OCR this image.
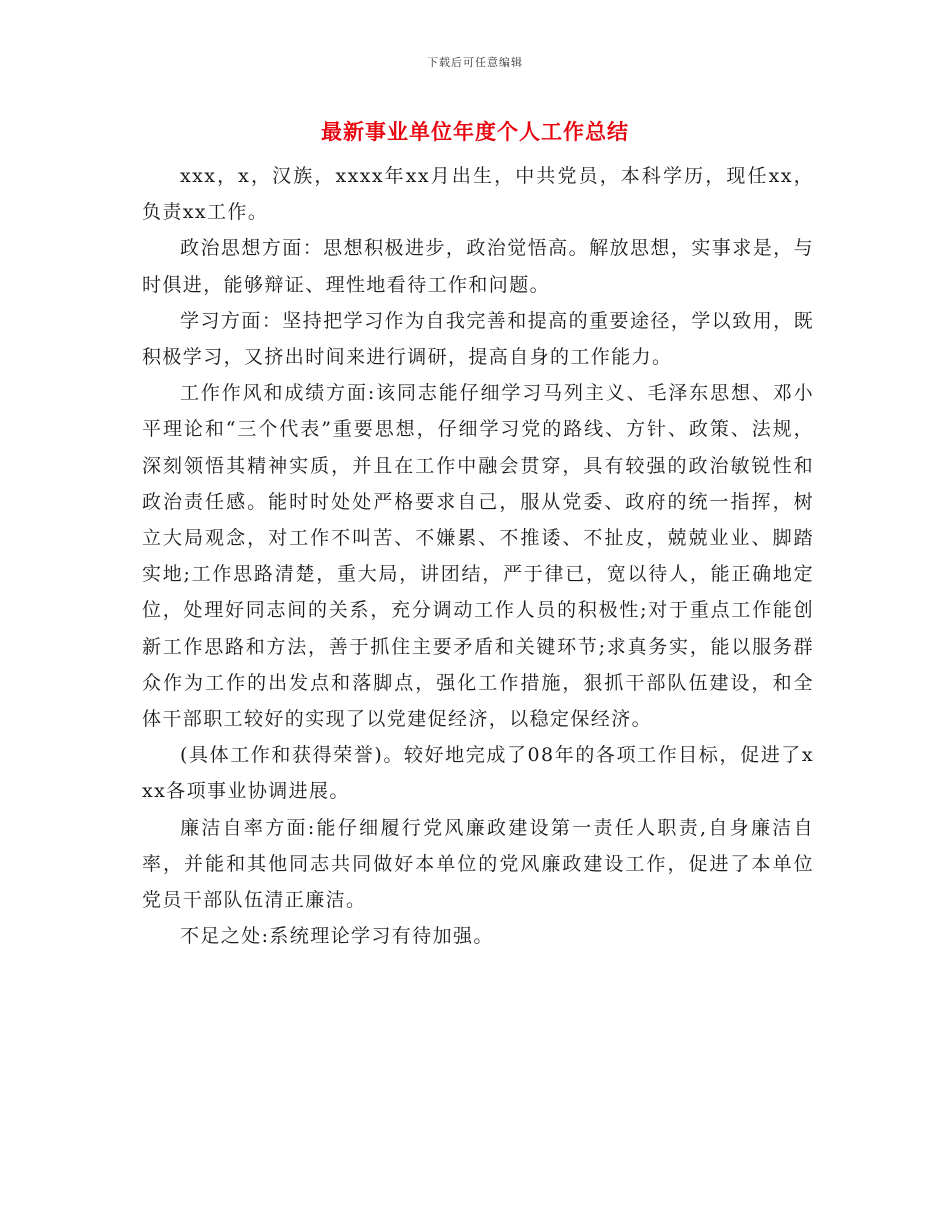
下载后可任意编辑
最新事业单位年度个人工作总结

xxx，x，汉族，xxxx年xx月出生，中共党员，本科学历，现任xx，负责xx工作。

政治思想方面：思想积极进步，政治觉悟高。解放思想，实事求是，与时俱进，能够辩证、理性地看待工作和问题。

学习方面：坚持把学习作为自我完善和提高的重要途径，学以致用，既积极学习，又挤出时间来进行调研，提高自身的工作能力。

工作作风和成绩方面:该同志能仔细学习马列主义、毛泽东思想、邓小平理论和“三个代表”重要思想，仔细学习党的路线、方针、政策、法规，深刻领悟其精神实质，并且在工作中融会贯穿，具有较强的政治敏锐性和政治责任感。能时时处处严格要求自己，服从党委、政府的统一指挥，树立大局观念，对工作不叫苦、不嫌累、不推诿、不扯皮，兢兢业业、脚踏实地;工作思路清楚，重大局，讲团结，严于律已，宽以待人，能正确地定位，处理好同志间的关系，充分调动工作人员的积极性;对于重点工作能创新工作思路和方法，善于抓住主要矛盾和关键环节;求真务实，能以服务群众作为工作的出发点和落脚点，强化工作措施，狠抓干部队伍建设，和全体干部职工较好的实现了以党建促经济，以稳定保经济。

(具体工作和获得荣誉)。较好地完成了08年的各项工作目标，促进了xxx各项事业协调进展。

廉洁自率方面:能仔细履行党风廉政建设第一责任人职责,自身廉洁自率，并能和其他同志共同做好本单位的党风廉政建设工作，促进了本单位党员干部队伍清正廉洁。

不足之处:系统理论学习有待加强。
